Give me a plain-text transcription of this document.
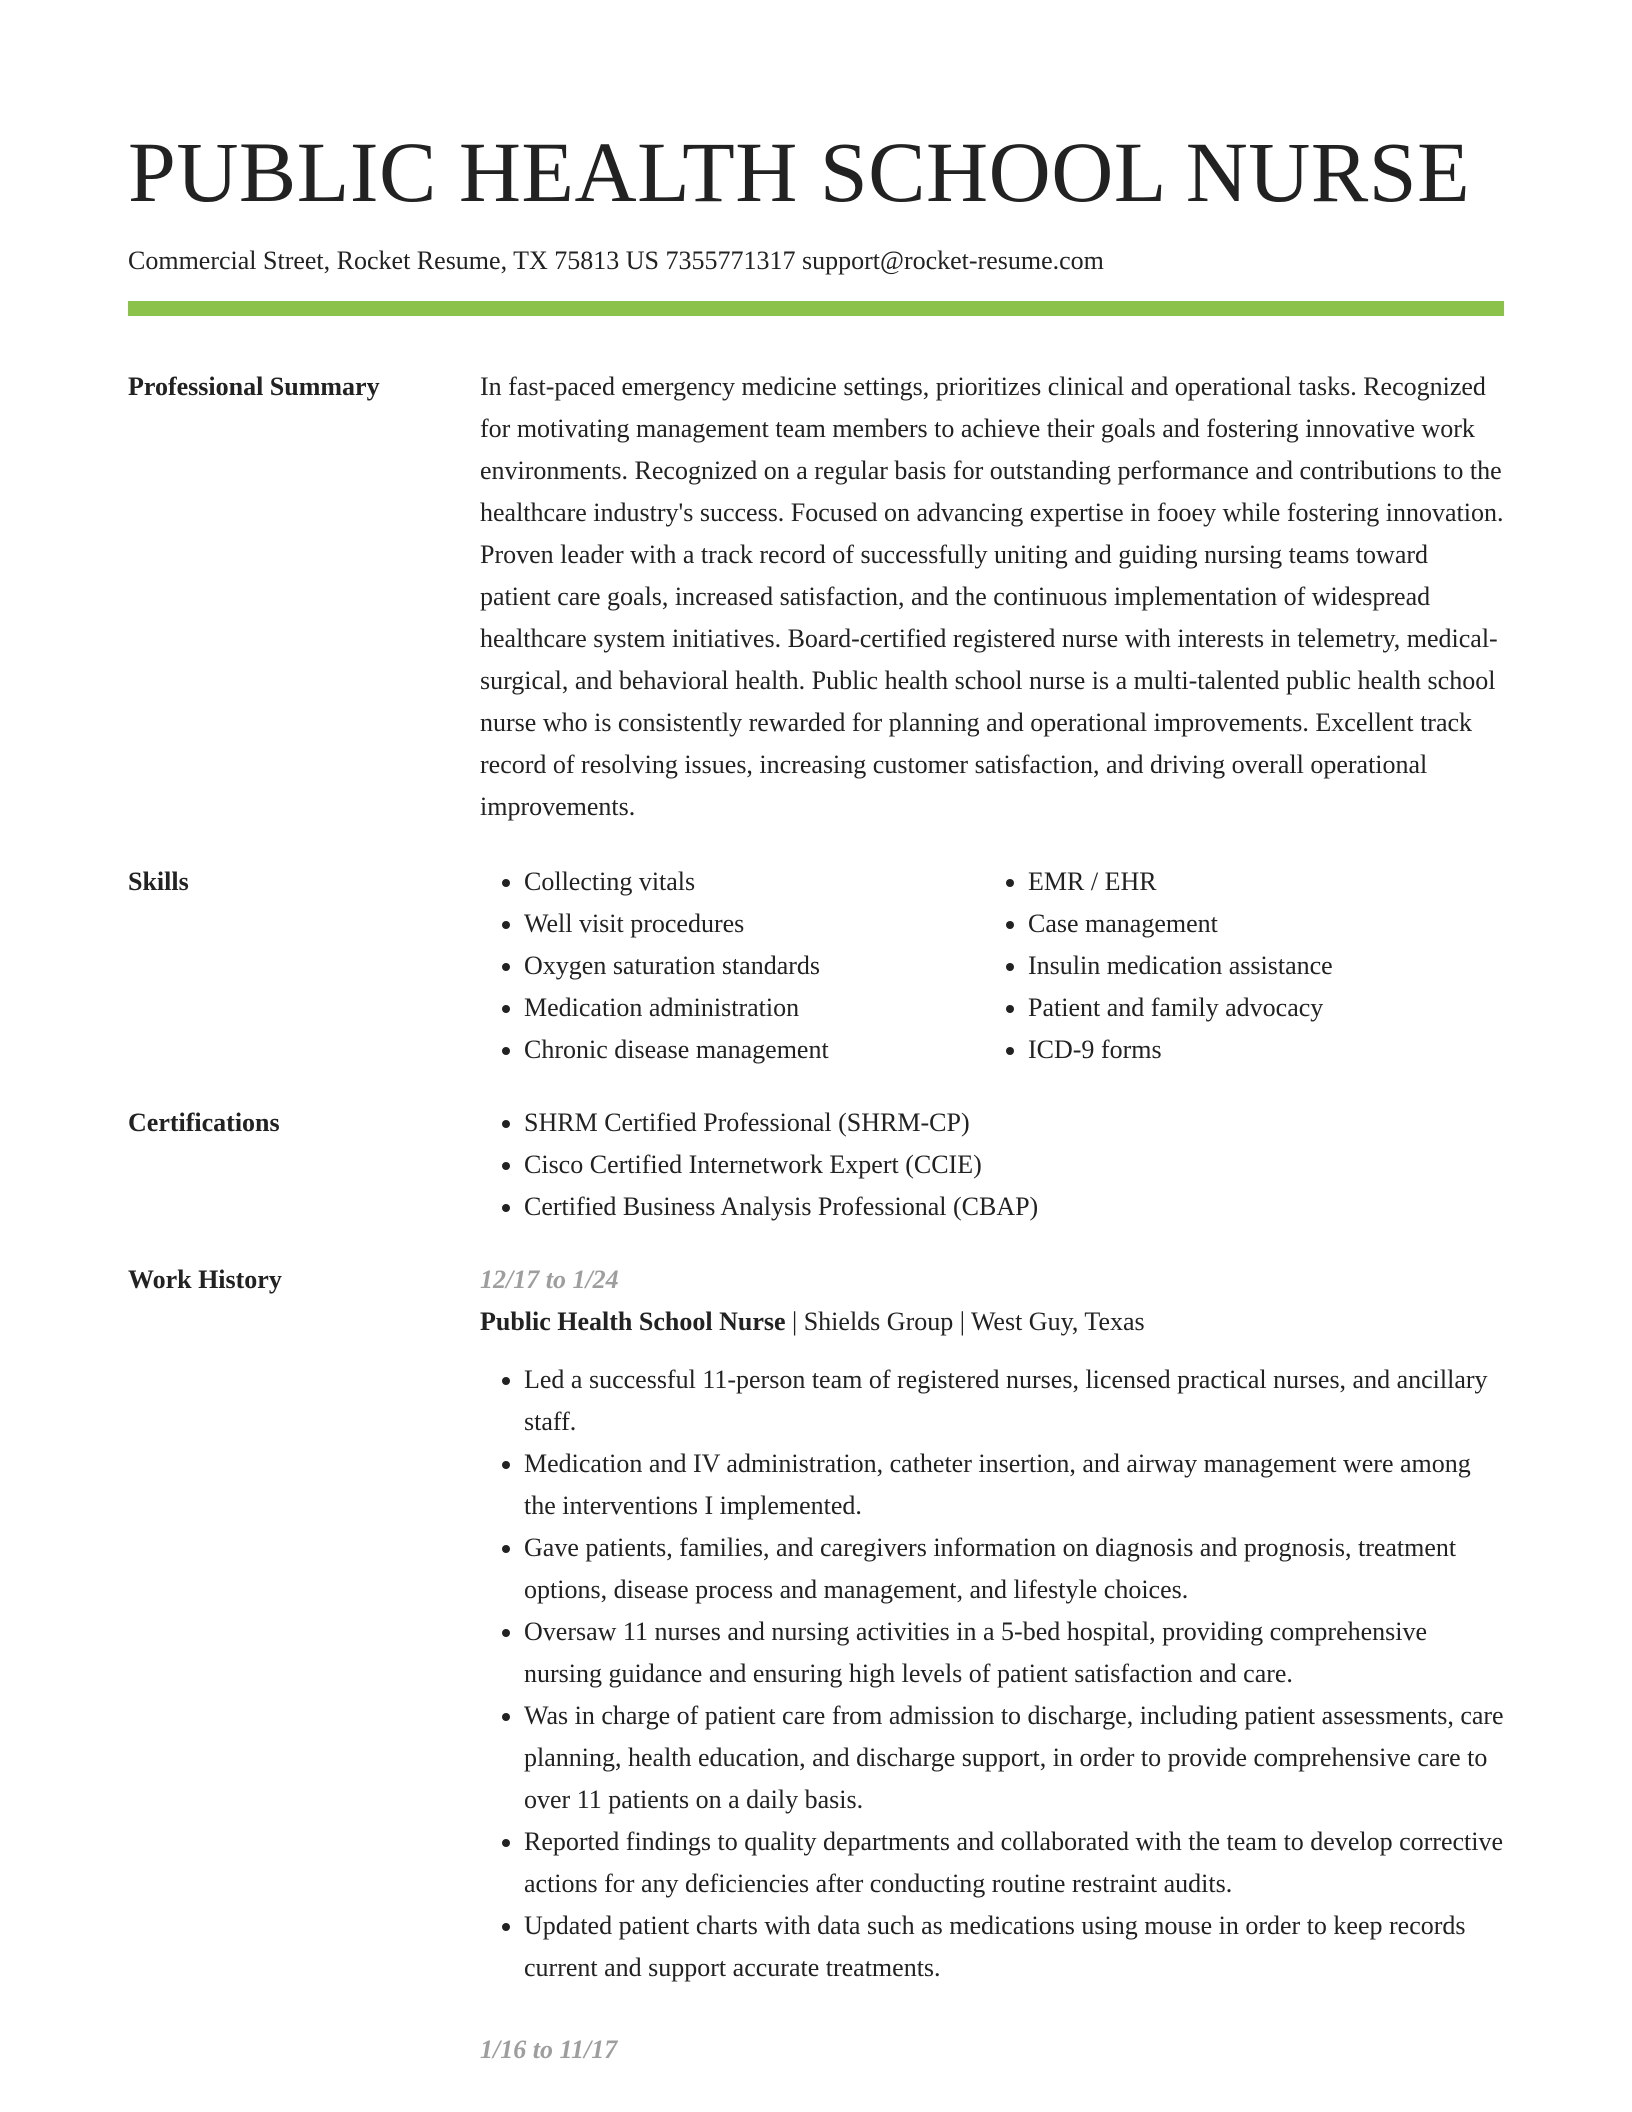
PUBLIC HEALTH SCHOOL NURSE
Commercial Street, Rocket Resume, TX 75813 US 7355771317 support@rocket-resume.com
Professional Summary	In fast-paced emergency medicine settings, prioritizes clinical and operational tasks. Recognized for motivating management team members to achieve their goals and fostering innovative work environments. Recognized on a regular basis for outstanding performance and contributions to the healthcare industry's success. Focused on advancing expertise in fooey while fostering innovation. Proven leader with a track record of successfully uniting and guiding nursing teams toward patient care goals, increased satisfaction, and the continuous implementation of widespread healthcare system initiatives. Board-certified registered nurse with interests in telemetry, medical-surgical, and behavioral health. Public health school nurse is a multi-talented public health school nurse who is consistently rewarded for planning and operational improvements. Excellent track record of resolving issues, increasing customer satisfaction, and driving overall operational improvements.

Skills	• Collecting vitals
• Well visit procedures
• Oxygen saturation standards
• Medication administration
• Chronic disease management
• EMR / EHR
• Case management
• Insulin medication assistance
• Patient and family advocacy
• ICD-9 forms
Certifications	• SHRM Certified Professional (SHRM-CP)
• Cisco Certified Internetwork Expert (CCIE)
• Certified Business Analysis Professional (CBAP)
Work History	12/17 to 1/24
Public Health School Nurse | Shields Group | West Guy, Texas
• Led a successful 11-person team of registered nurses, licensed practical nurses, and ancillary staff.
• Medication and IV administration, catheter insertion, and airway management were among the interventions I implemented.
• Gave patients, families, and caregivers information on diagnosis and prognosis, treatment options, disease process and management, and lifestyle choices.
• Oversaw 11 nurses and nursing activities in a 5-bed hospital, providing comprehensive nursing guidance and ensuring high levels of patient satisfaction and care.
• Was in charge of patient care from admission to discharge, including patient assessments, care planning, health education, and discharge support, in order to provide comprehensive care to over 11 patients on a daily basis.
• Reported findings to quality departments and collaborated with the team to develop corrective actions for any deficiencies after conducting routine restraint audits.
• Updated patient charts with data such as medications using mouse in order to keep records current and support accurate treatments.
1/16 to 11/17
